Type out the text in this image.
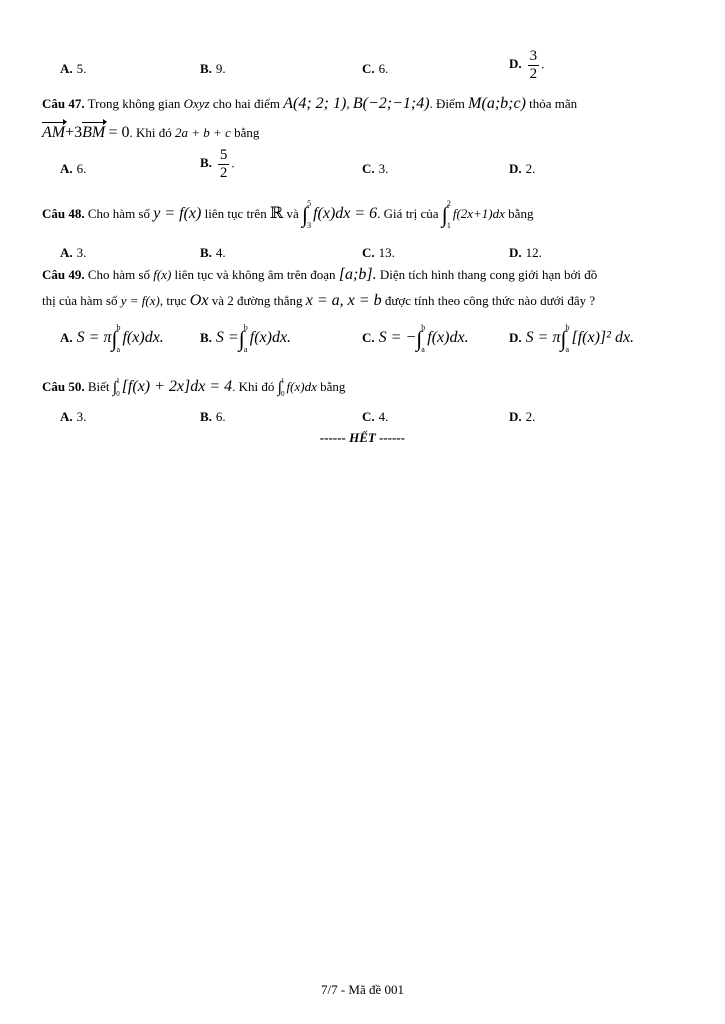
A. 5.	B. 9.	C. 6.	D. $\frac{3}{2}$ .
Câu 47. Trong không gian Oxyz cho hai điểm A(4; 2; 1), B(−2;−1;4). Điểm M(a;b;c) thỏa mãn
AM+3BM = 0. Khi đó 2a + b + c bằng
A. 6.	B. $\frac{5}{2}$ .	C. 3.	D. 2.
Câu 48. Cho hàm số y = f(x) liên tục trên ℝ và ∫ 5
3
f(x)dx = 6. Giá trị của ∫ 2
1
f(2x+1)dx bằng
A. 3.	B. 4.	C. 13.	D. 12.
Câu 49. Cho hàm số f(x) liên tục và không âm trên đoạn [a;b]. Diện tích hình thang cong giới hạn bởi đồ
thị của hàm số y = f(x), trục Ox và 2 đường thẳng x = a, x = b được tính theo công thức nào dưới đây ?
A. S = π ∫ b
a
f(x)dx.	B. S = ∫ b
a
f(x)dx.	C. S = − ∫ b
a
f(x)dx.	D. S = π ∫ b
a
[f(x)]² dx.
Câu 50. Biết ∫ 1
0 [f(x) + 2x]dx = 4. Khi đó ∫ 1
0
f(x)dx bằng
A. 3.	B. 6.	C. 4.	D. 2.
------ HẾT ------
7/7 - Mã đề 001
